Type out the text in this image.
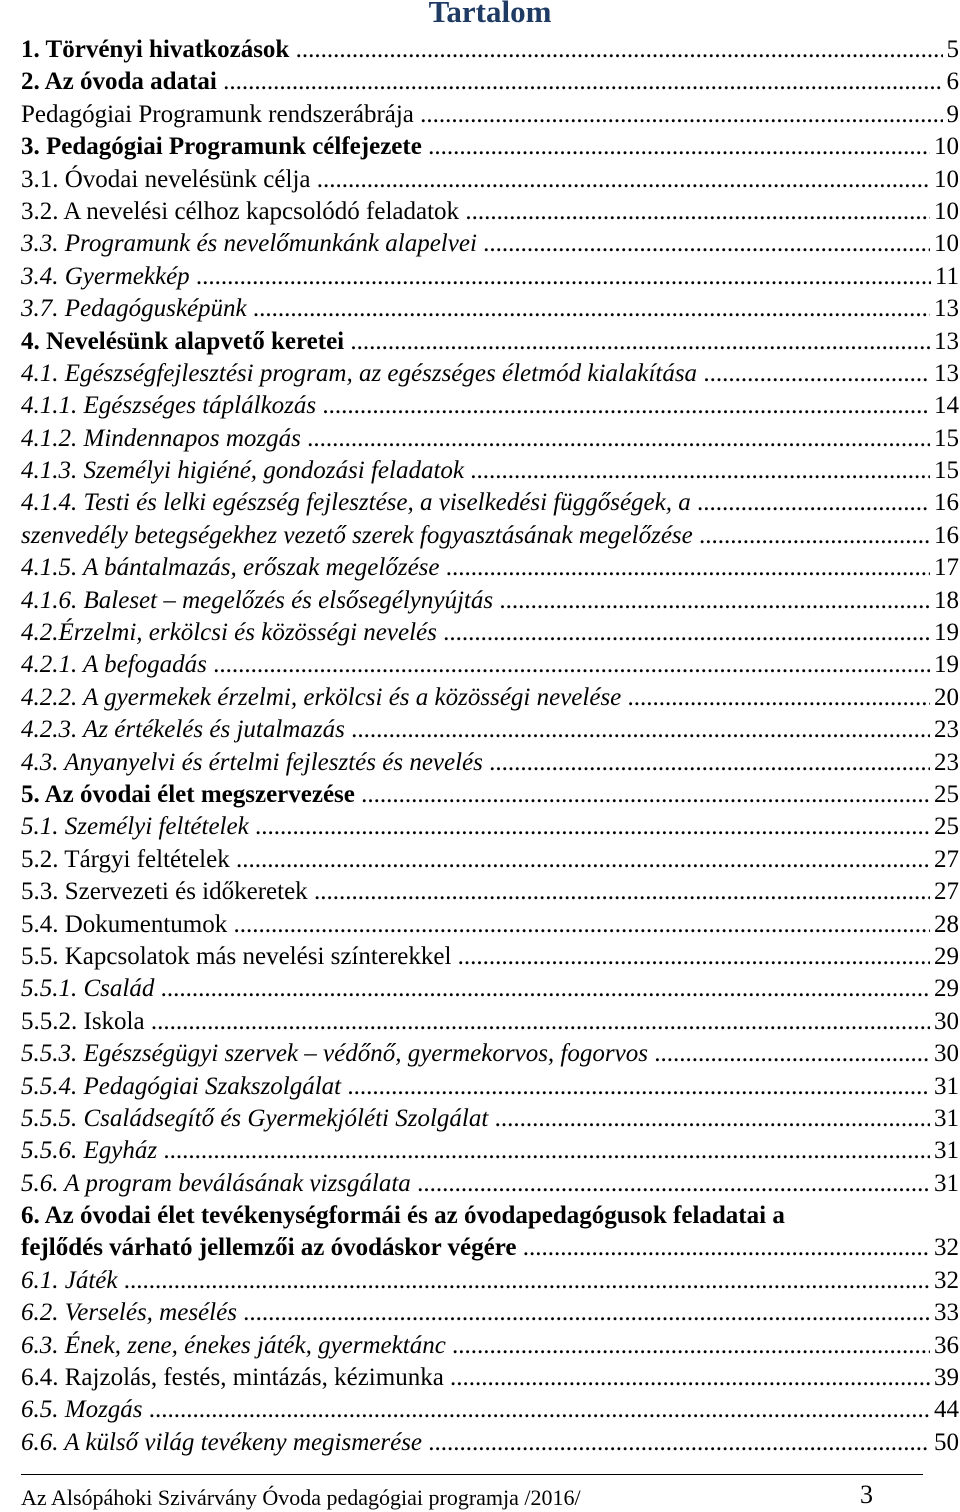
Tartalom
1. Törvényi hivatkozások .....	5
2. Az óvoda adatai .....	6
Pedagógiai Programunk rendszerábrája .....	9
3. Pedagógiai Programunk célfejezete .....	10
3.1. Óvodai nevelésünk célja .....	10
3.2. A nevelési célhoz kapcsolódó feladatok .....	10
3.3. Programunk és nevelőmunkánk alapelvei .....	10
3.4. Gyermekkép .....	11
3.7. Pedagógusképünk .....	13
4. Nevelésünk alapvető keretei .....	13
4.1. Egészségfejlesztési program, az egészséges életmód kialakítása .....	13
4.1.1. Egészséges táplálkozás .....	14
4.1.2. Mindennapos mozgás .....	15
4.1.3. Személyi higiéné, gondozási feladatok .....	15
4.1.4. Testi és lelki egészség fejlesztése, a viselkedési függőségek, a .....	16
szenvedély betegségekhez vezető szerek fogyasztásának megelőzése .....	16
4.1.5. A bántalmazás, erőszak megelőzése .....	17
4.1.6. Baleset – megelőzés és elsősegélynyújtás .....	18
4.2.Érzelmi, erkölcsi és közösségi nevelés .....	19
4.2.1. A befogadás .....	19
4.2.2. A gyermekek érzelmi, erkölcsi és a közösségi nevelése .....	20
4.2.3. Az értékelés és jutalmazás .....	23
4.3. Anyanyelvi és értelmi fejlesztés és nevelés .....	23
5. Az óvodai élet megszervezése .....	25
5.1. Személyi feltételek .....	25
5.2. Tárgyi feltételek .....	27
5.3. Szervezeti és időkeretek .....	27
5.4. Dokumentumok .....	28
5.5. Kapcsolatok más nevelési színterekkel .....	29
5.5.1. Család .....	29
5.5.2. Iskola .....	30
5.5.3. Egészségügyi szervek – védőnő, gyermekorvos, fogorvos .....	30
5.5.4. Pedagógiai Szakszolgálat .....	31
5.5.5. Családsegítő és Gyermekjóléti Szolgálat .....	31
5.5.6. Egyház .....	31
5.6. A program beválásának vizsgálata .....	31
6. Az óvodai élet tevékenységformái és az óvodapedagógusok feladatai a
fejlődés várható jellemzői az óvodáskor végére .....	32
6.1. Játék .....	32
6.2. Verselés, mesélés .....	33
6.3. Ének, zene, énekes játék, gyermektánc .....	36
6.4. Rajzolás, festés, mintázás, kézimunka .....	39
6.5. Mozgás .....	44
6.6. A külső világ tevékeny megismerése .....	50
Az Alsópáhoki Szivárvány Óvoda pedagógiai programja /2016/	3
